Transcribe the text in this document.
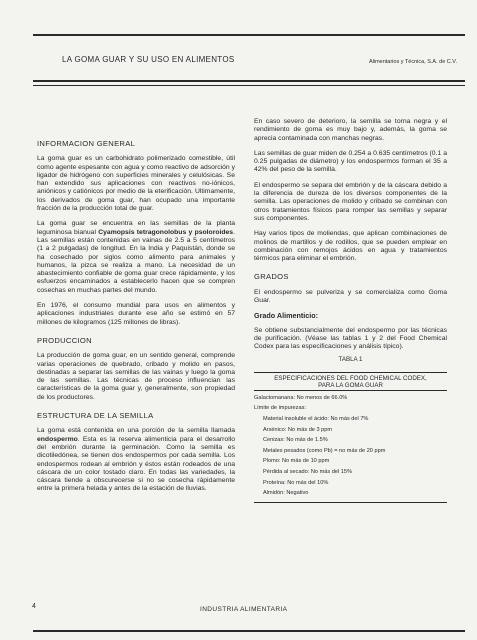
LA GOMA GUAR Y SU USO EN ALIMENTOS	Alimentarios y Técnica, S.A. de C.V.
INFORMACION GENERAL

La goma guar es un carbohidrato polimerizado comestible, útil como agente espesante con agua y como reactivo de adsorción y ligador de hidrógeno con superficies minerales y celulósicas. Se han extendido sus aplicaciones con reactivos no-iónicos, aniónicos y catiónicos por medio de la eterificación. Ultimamente, los derivados de goma guar, han ocupado una importante fracción de la producción total de guar.

La goma guar se encuentra en las semillas de la planta leguminosa bianual Cyamopsis tetragonolobus y psoloroides. Las semillas están contenidas en vainas de 2.5 a 5 centímetros (1 a 2 pulgadas) de longitud. En la India y Paquistán, donde se ha cosechado por siglos como alimento para animales y humanos, la pizca se realiza a mano. La necesidad de un abastecimiento confiable de goma guar crece rápidamente, y los esfuerzos encaminados a establecerlo hacen que se compren cosechas en muchas partes del mundo.

En 1976, el consumo mundial para usos en alimentos y aplicaciones industriales durante ese año se estimó en 57 millones de kilogramos (125 millones de libras).

PRODUCCION

La producción de goma guar, en un sentido general, comprende varias operaciones de quebrado, cribado y molido en pasos, destinadas a separar las semillas de las vainas y luego la goma de las semillas. Las técnicas de proceso influencian las características de la goma guar y, generalmente, son propiedad de los productores.

ESTRUCTURA DE LA SEMILLA

La goma está contenida en una porción de la semilla llamada endospermo. Esta es la reserva alimenticia para el desarrollo del embrión durante la germinación. Como la semilla es dicotiledónea, se tienen dos endospermos por cada semilla. Los endospermos rodean al embrión y éstos están rodeados de una cáscara de un color tostado claro. En todas las variedades, la cáscara tiende a obscurecerse si no se cosecha rápidamente entre la primera helada y antes de la estación de lluvias.

En caso severo de deterioro, la semilla se torna negra y el rendimiento de goma es muy bajo y, además, la goma se aprecia contaminada con manchas negras.

Las semillas de guar miden de 0.254 a 0.635 centímetros (0.1 a 0.25 pulgadas de diámetro) y los endospermos forman el 35 a 42% del peso de la semilla.

El endospermo se separa del embrión y de la cáscara debido a la diferencia de dureza de los diversos componentes de la semilla. Las operaciones de molido y cribado se combinan con otros tratamientos físicos para romper las semillas y separar sus componentes.

Hay varios tipos de moliendas, que aplican combinaciones de molinos de martillos y de rodillos, que se pueden emplear en combinación con remojos ácidos en agua y tratamientos térmicos para eliminar el embrión.

GRADOS

El endospermo se pulveriza y se comercializa como Goma Guar.

Grado Alimenticio:

Se obtiene substancialmente del endospermo por las técnicas de purificación. (Véase las tablas 1 y 2 del Food Chemical Codex para las especificaciones y análisis típico).

TABLA 1
ESPECIFICACIONES DEL FOOD CHEMICAL CODEX,
PARA LA GOMA GUAR
Galactomanana: No menos de 66.0%
Límite de impurezas:
Material insoluble el ácido: No más del 7%
Arsénico: No más de 3 ppm
Cenizas: No más de 1.5%
Metales pesados (como Pb) = no más de 20 ppm
Plomo: No más de 10 ppm
Pérdida al secado: No más del 15%
Proteína: No más del 10%
Almidón: Negativo
4	INDUSTRIA ALIMENTARIA
